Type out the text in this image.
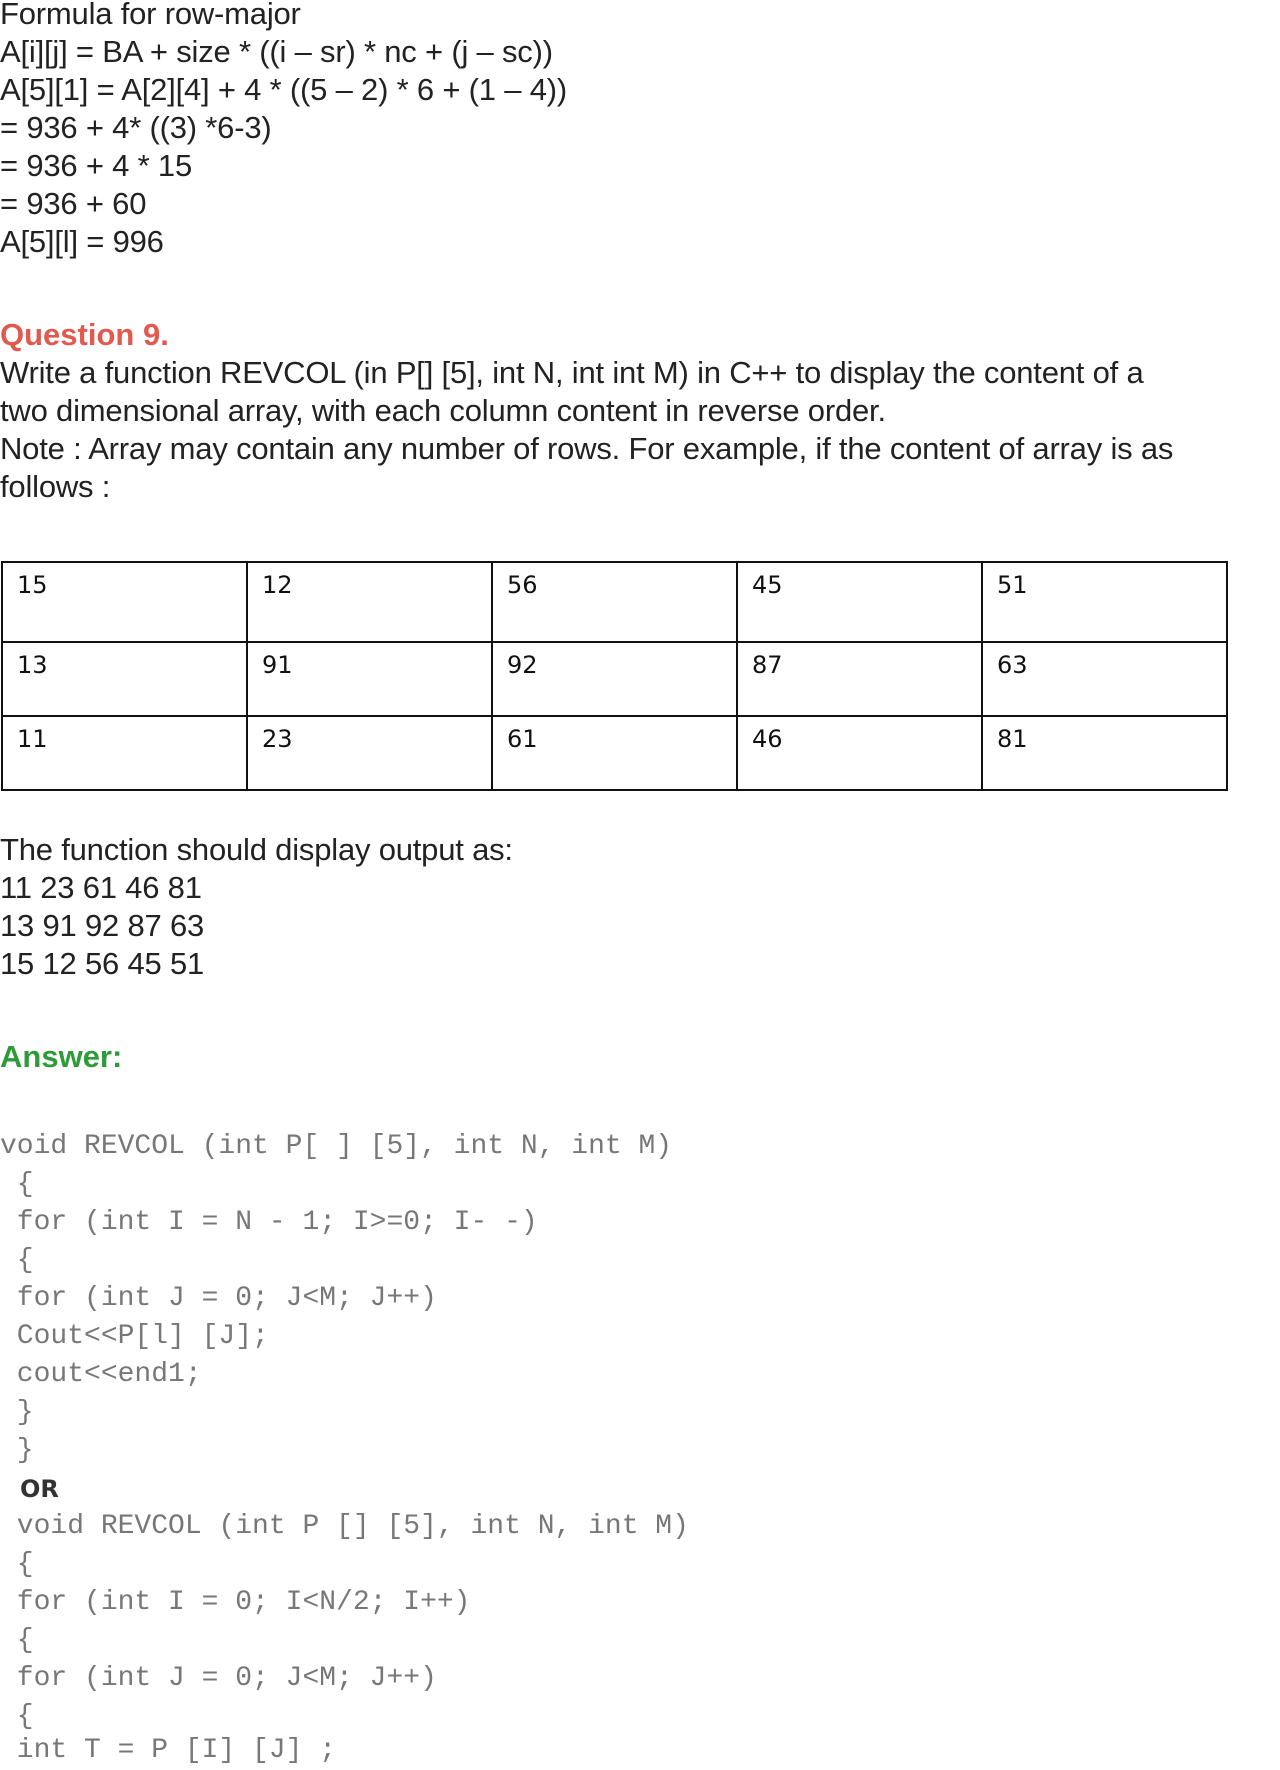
Formula for row-major

A[i][j] = BA + size * ((i – sr) * nc + (j – sc))

A[5][1] = A[2][4] + 4 * ((5 – 2) * 6 + (1 – 4))

= 936 + 4* ((3) *6-3)

= 936 + 4 * 15

= 936 + 60

A[5][l] = 996

Question 9.

Write a function REVCOL (in P[] [5], int N, int int M) in C++ to display the content of a

two dimensional array, with each column content in reverse order.

Note : Array may contain any number of rows. For example, if the content of array is as

follows :

15	12	56	45	51
13	91	92	87	63
11	23	61	46	81

The function should display output as:

11 23 61 46 81

13 91 92 87 63

15 12 56 45 51

Answer:

void REVCOL (int P[ ] [5], int N, int M)

{

for (int I = N - 1; I>=0; I- -)

{

for (int J = 0; J<M; J++)

Cout<<P[l] [J];

cout<<end1;

}

}

OR

void REVCOL (int P [] [5], int N, int M)

{

for (int I = 0; I<N/2; I++)

{

for (int J = 0; J<M; J++)

{

int T = P [I] [J] ;
